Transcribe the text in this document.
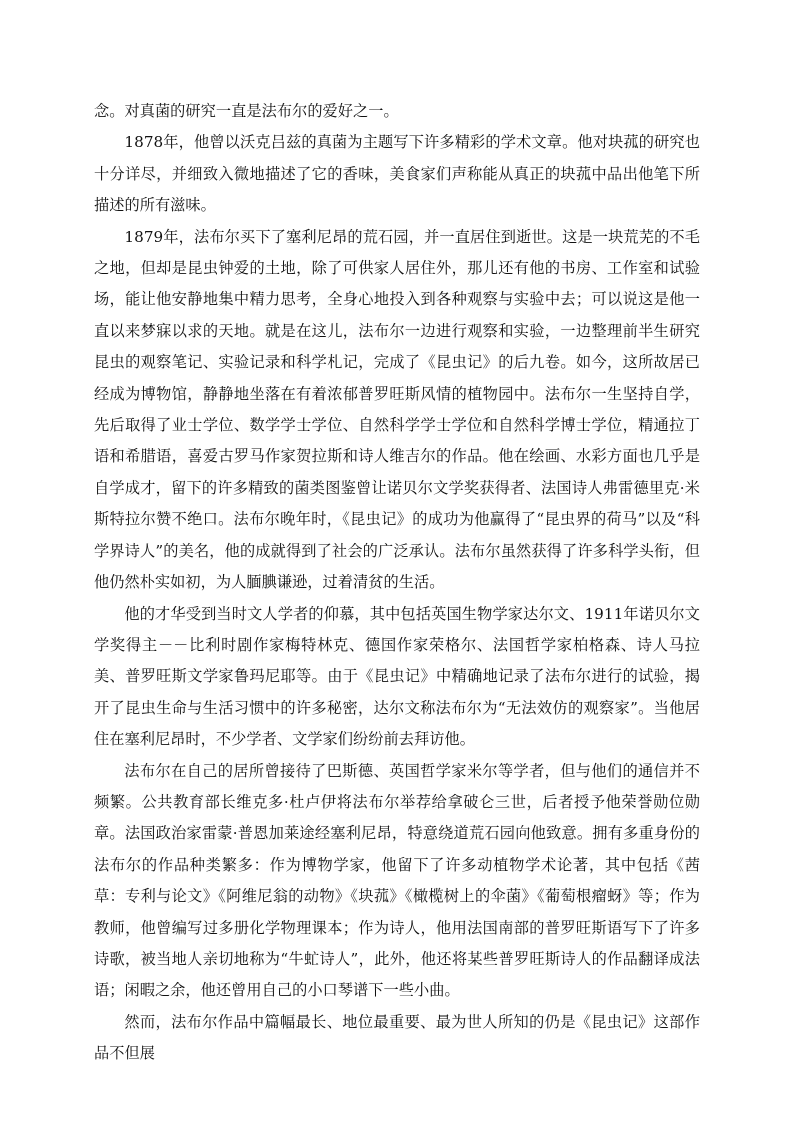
念。对真菌的研究一直是法布尔的爱好之一。

1878年，他曾以沃克吕兹的真菌为主题写下许多精彩的学术文章。他对块菰的研究也十分详尽，并细致入微地描述了它的香味，美食家们声称能从真正的块菰中品出他笔下所描述的所有滋味。

1879年，法布尔买下了塞利尼昂的荒石园，并一直居住到逝世。这是一块荒芜的不毛之地，但却是昆虫钟爱的土地，除了可供家人居住外，那儿还有他的书房、工作室和试验场，能让他安静地集中精力思考，全身心地投入到各种观察与实验中去；可以说这是他一直以来梦寐以求的天地。就是在这儿，法布尔一边进行观察和实验，一边整理前半生研究昆虫的观察笔记、实验记录和科学札记，完成了《昆虫记》的后九卷。如今，这所故居已经成为博物馆，静静地坐落在有着浓郁普罗旺斯风情的植物园中。法布尔一生坚持自学，先后取得了业士学位、数学学士学位、自然科学学士学位和自然科学博士学位，精通拉丁语和希腊语，喜爱古罗马作家贺拉斯和诗人维吉尔的作品。他在绘画、水彩方面也几乎是自学成才，留下的许多精致的菌类图鉴曾让诺贝尔文学奖获得者、法国诗人弗雷德里克·米斯特拉尔赞不绝口。法布尔晚年时，《昆虫记》的成功为他赢得了“昆虫界的荷马”以及“科学界诗人”的美名，他的成就得到了社会的广泛承认。法布尔虽然获得了许多科学头衔，但他仍然朴实如初，为人腼腆谦逊，过着清贫的生活。

他的才华受到当时文人学者的仰慕，其中包括英国生物学家达尔文、1911年诺贝尔文学奖得主－－比利时剧作家梅特林克、德国作家荣格尔、法国哲学家柏格森、诗人马拉美、普罗旺斯文学家鲁玛尼耶等。由于《昆虫记》中精确地记录了法布尔进行的试验，揭开了昆虫生命与生活习惯中的许多秘密，达尔文称法布尔为“无法效仿的观察家”。当他居住在塞利尼昂时，不少学者、文学家们纷纷前去拜访他。

法布尔在自己的居所曾接待了巴斯德、英国哲学家米尔等学者，但与他们的通信并不频繁。公共教育部长维克多·杜卢伊将法布尔举荐给拿破仑三世，后者授予他荣誉勋位勋章。法国政治家雷蒙·普恩加莱途经塞利尼昂，特意绕道荒石园向他致意。拥有多重身份的法布尔的作品种类繁多：作为博物学家，他留下了许多动植物学术论著，其中包括《茜草：专利与论文》《阿维尼翁的动物》《块菰》《橄榄树上的伞菌》《葡萄根瘤蚜》等；作为教师，他曾编写过多册化学物理课本；作为诗人，他用法国南部的普罗旺斯语写下了许多诗歌，被当地人亲切地称为“牛虻诗人”，此外，他还将某些普罗旺斯诗人的作品翻译成法语；闲暇之余，他还曾用自己的小口琴谱下一些小曲。

然而，法布尔作品中篇幅最长、地位最重要、最为世人所知的仍是《昆虫记》这部作品不但展
